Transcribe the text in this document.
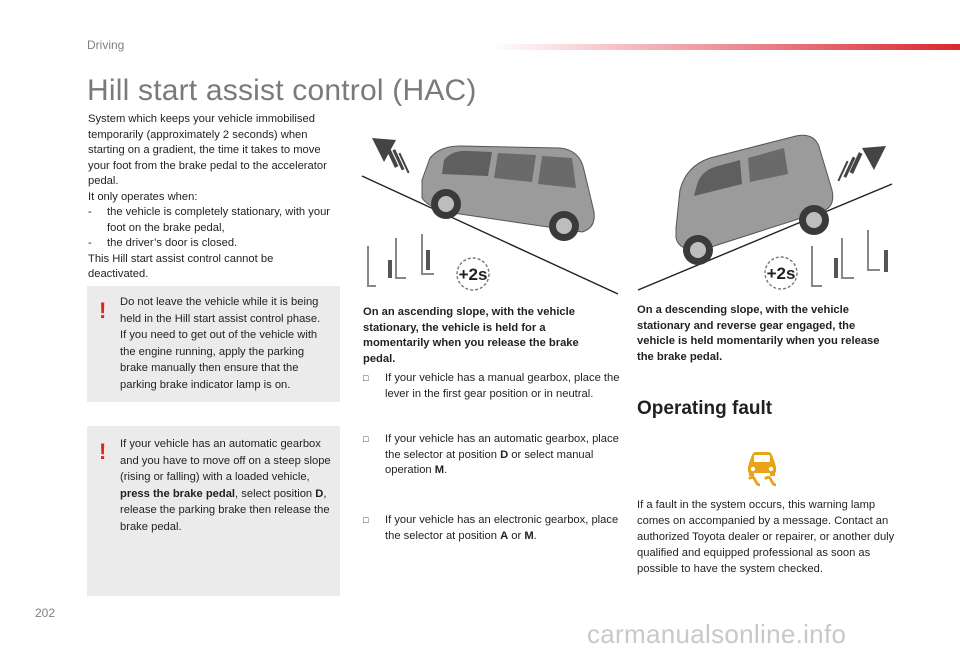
Driving
Hill start assist control (HAC)

System which keeps your vehicle immobilised temporarily (approximately 2 seconds) when starting on a gradient, the time it takes to move your foot from the brake pedal to the accelerator pedal.

It only operates when:

- the vehicle is completely stationary, with your foot on the brake pedal,

- the driver’s door is closed.

This Hill start assist control cannot be deactivated.

! Do not leave the vehicle while it is being held in the Hill start assist control phase.

If you need to get out of the vehicle with the engine running, apply the parking brake manually then ensure that the parking brake indicator lamp is on.

! If your vehicle has an automatic gearbox and you have to move off on a steep slope (rising or falling) with a loaded vehicle, press the brake pedal, select position D, release the parking brake then release the brake pedal.

+2s	+2s
On an ascending slope, with the vehicle stationary, the vehicle is held for a momentarily when you release the brake pedal.
On a descending slope, with the vehicle stationary and reverse gear engaged, the vehicle is held momentarily when you release the brake pedal.
□ If your vehicle has a manual gearbox, place the lever in the first gear position or in neutral.
□ If your vehicle has an automatic gearbox, place the selector at position D or select manual operation M.
□ If your vehicle has an electronic gearbox, place the selector at position A or M.
Operating fault
If a fault in the system occurs, this warning lamp comes on accompanied by a message. Contact an authorized Toyota dealer or repairer, or another duly qualified and equipped professional as soon as possible to have the system checked.
202
carmanualsonline.info
